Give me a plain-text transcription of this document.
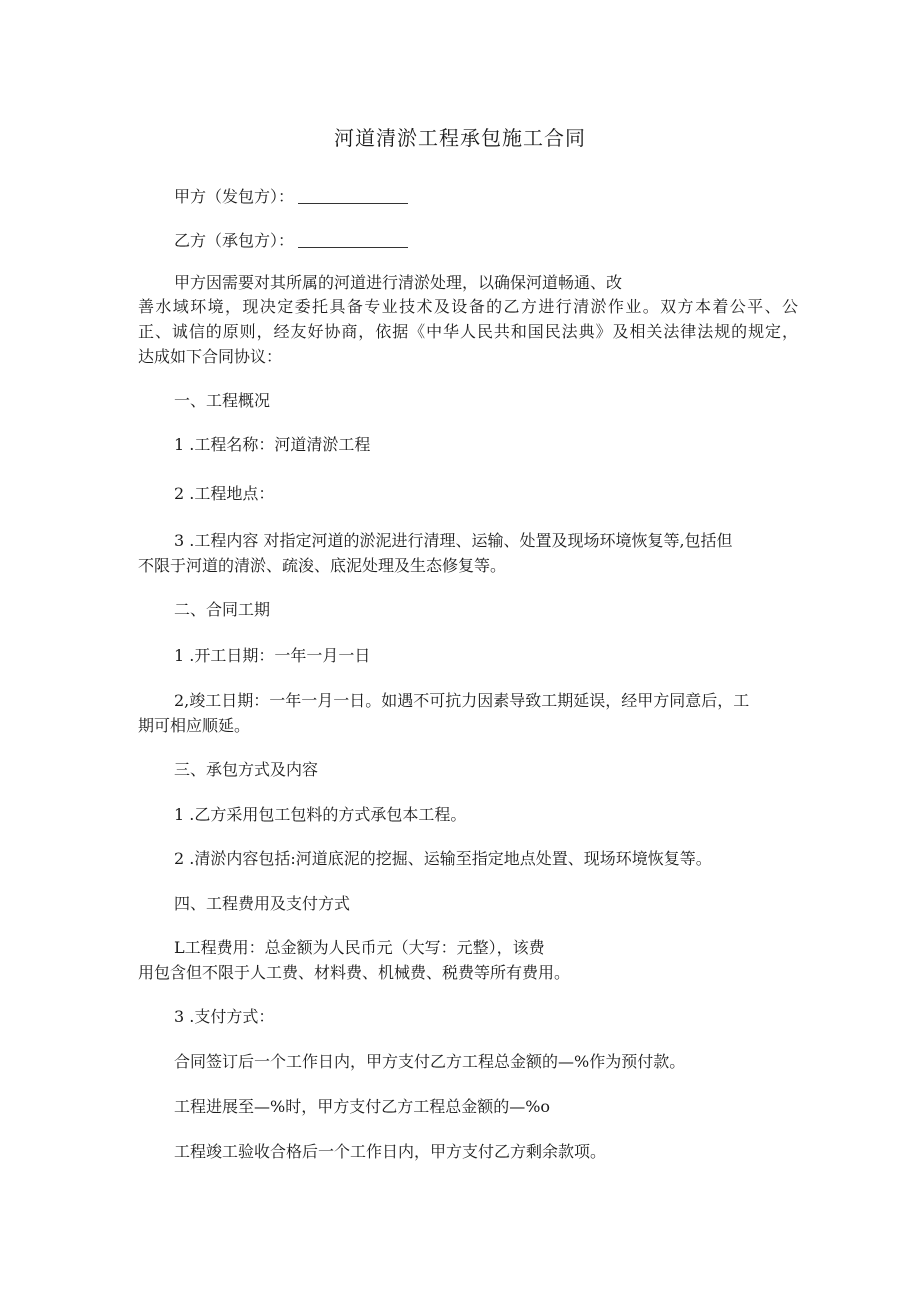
河道清淤工程承包施工合同
甲方（发包方）：
乙方（承包方）：
甲方因需要对其所属的河道进行清淤处理，以确保河道畅通、改
善水域环境，现决定委托具备专业技术及设备的乙方进行清淤作业。双方本着公平、公
正、诚信的原则，经友好协商，依据《中华人民共和国民法典》及相关法律法规的规定，
达成如下合同协议：
一、工程概况
1 .工程名称：河道清淤工程
2 .工程地点：
3 .工程内容 对指定河道的淤泥进行清理、运输、处置及现场环境恢复等,包括但
不限于河道的清淤、疏浚、底泥处理及生态修复等。
二、合同工期
1 .开工日期：一年一月一日
2,竣工日期：一年一月一日。如遇不可抗力因素导致工期延误，经甲方同意后，工
期可相应顺延。
三、承包方式及内容
1 .乙方采用包工包料的方式承包本工程。
2 .清淤内容包括:河道底泥的挖掘、运输至指定地点处置、现场环境恢复等。
四、工程费用及支付方式
L工程费用：总金额为人民币元（大写：元整），该费
用包含但不限于人工费、材料费、机械费、税费等所有费用。
3 .支付方式：
合同签订后一个工作日内，甲方支付乙方工程总金额的—%作为预付款。
工程进展至—%时，甲方支付乙方工程总金额的—%o
工程竣工验收合格后一个工作日内，甲方支付乙方剩余款项。
